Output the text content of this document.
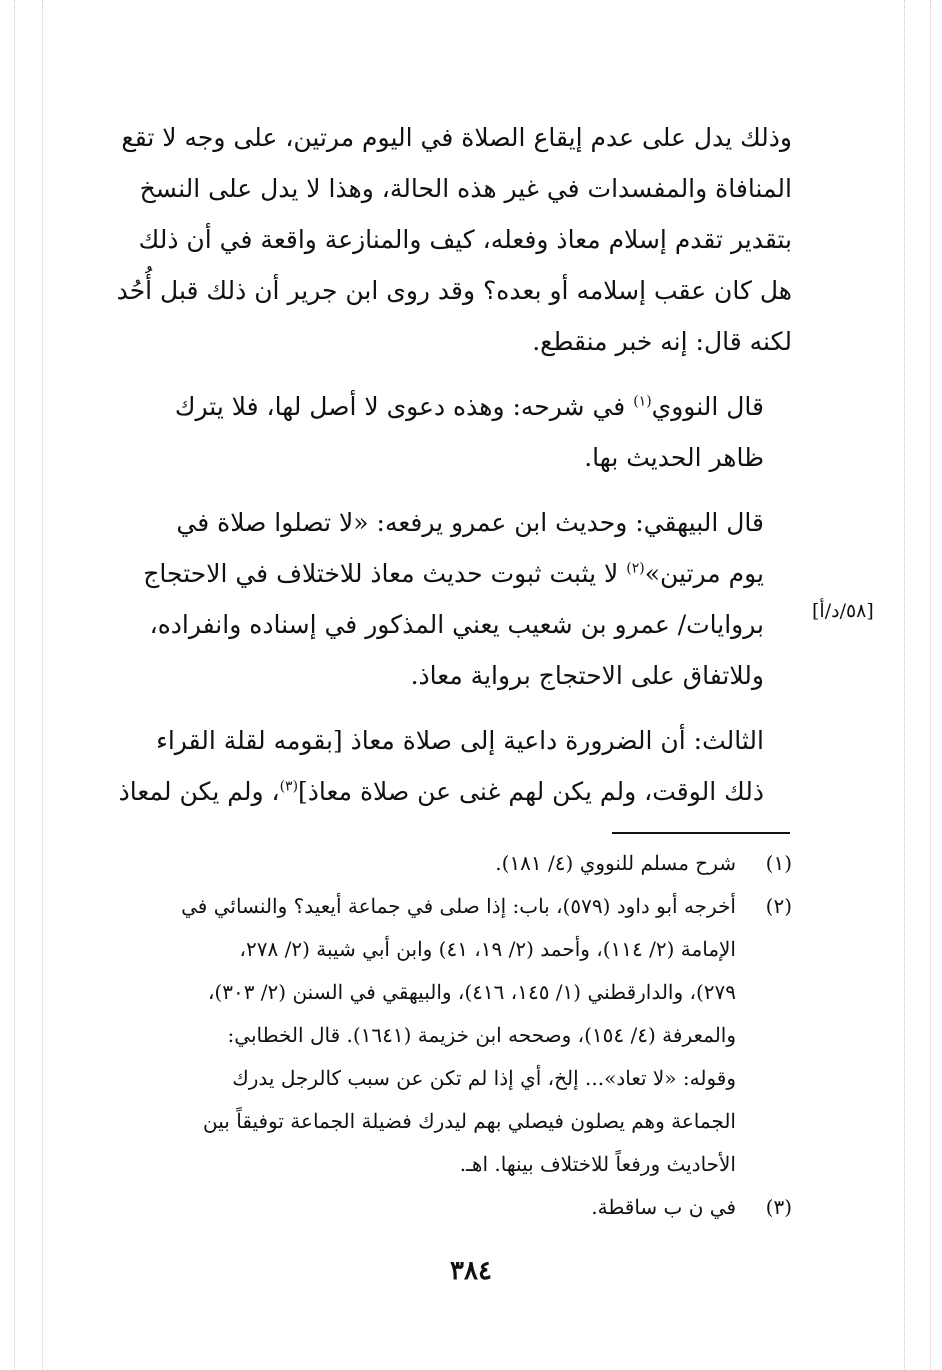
وذلك يدل على عدم إيقاع الصلاة في اليوم مرتين، على وجه لا تقع
المنافاة والمفسدات في غير هذه الحالة، وهذا لا يدل على النسخ
بتقدير تقدم إسلام معاذ وفعله، كيف والمنازعة واقعة في أن ذلك
هل كان عقب إسلامه أو بعده؟ وقد روى ابن جرير أن ذلك قبل أُحُد
لكنه قال: إنه خبر منقطع.

قال النووي$^{(١)}$ في شرحه: وهذه دعوى لا أصل لها، فلا يترك
ظاهر الحديث بها.

قال البيهقي: وحديث ابن عمرو يرفعه: «لا تصلوا صلاة في
يوم مرتين»$^{(٢)}$ لا يثبت ثبوت حديث معاذ للاختلاف في الاحتجاج
بروايات/ عمرو بن شعيب يعني المذكور في إسناده وانفراده،
وللاتفاق على الاحتجاج برواية معاذ.

الثالث: أن الضرورة داعية إلى صلاة معاذ [بقومه لقلة القراء
ذلك الوقت، ولم يكن لهم غنى عن صلاة معاذ]$^{(٣)}$، ولم يكن لمعاذ

[٥٨/د/أ]
(١)
شرح مسلم للنووي (٤/ ١٨١).
(٢)
أخرجه أبو داود (٥٧٩)، باب: إذا صلى في جماعة أيعيد؟ والنسائي في
الإمامة (٢/ ١١٤)، وأحمد (٢/ ١٩، ٤١) وابن أبي شيبة (٢/ ٢٧٨،
٢٧٩)، والدارقطني (١/ ١٤٥، ٤١٦)، والبيهقي في السنن (٢/ ٣٠٣)،
والمعرفة (٤/ ١٥٤)، وصححه ابن خزيمة (١٦٤١). قال الخطابي:
وقوله: «لا تعاد»... إلخ، أي إذا لم تكن عن سبب كالرجل يدرك
الجماعة وهم يصلون فيصلي بهم ليدرك فضيلة الجماعة توفيقاً بين
الأحاديث ورفعاً للاختلاف بينها. اهـ.
(٣)
في ن ب ساقطة.
٣٨٤
